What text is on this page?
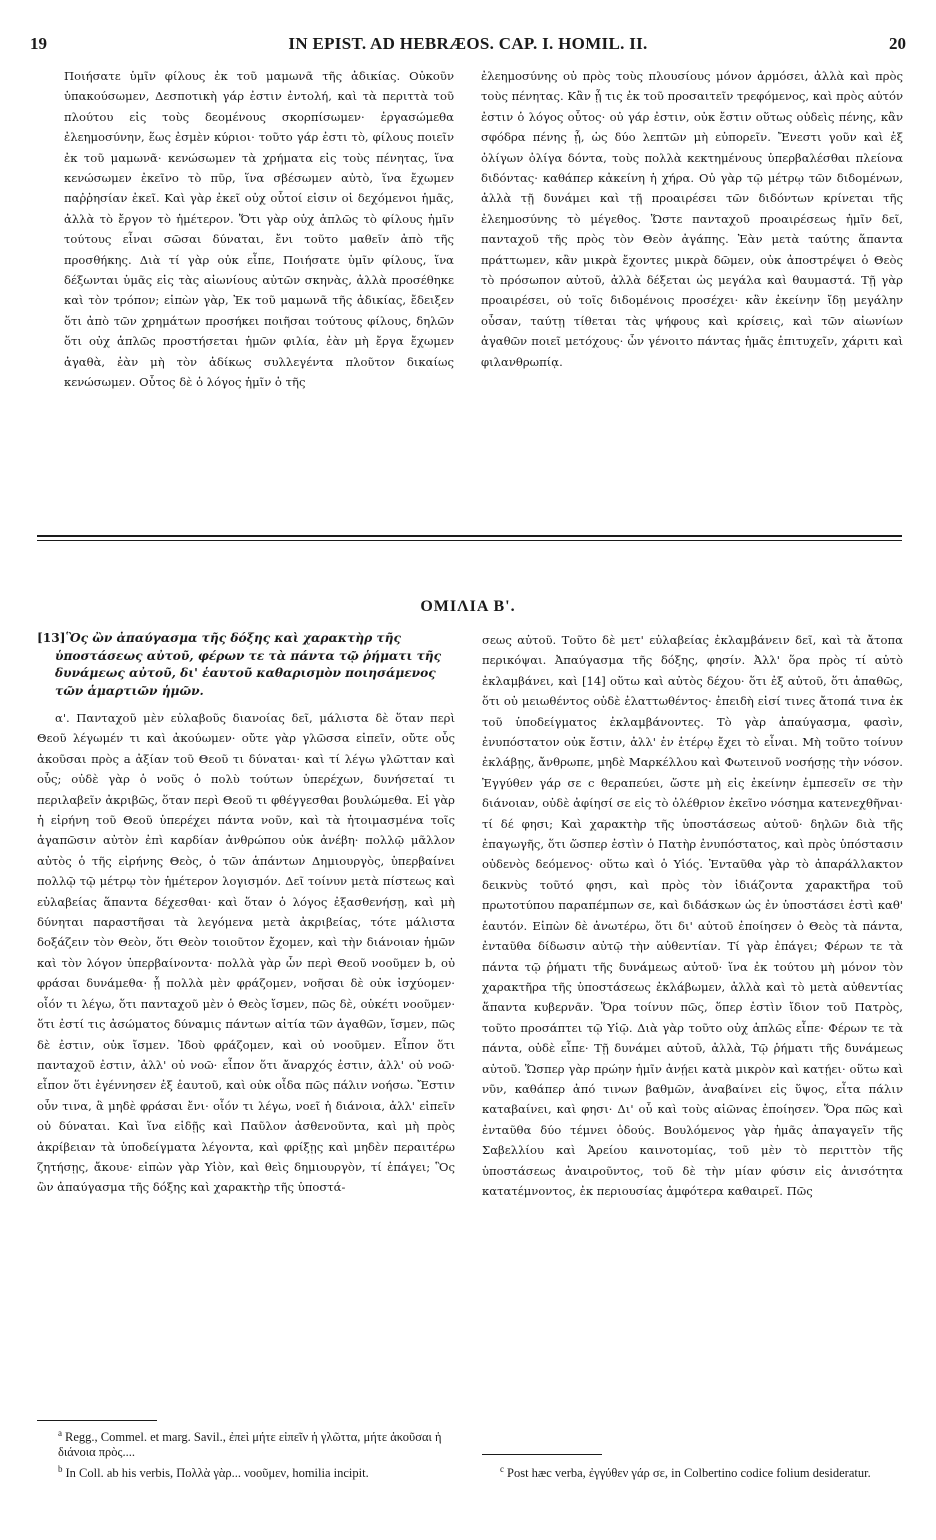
19	IN EPIST. AD HEBRÆOS. CAP. I. HOMIL. II.	20

Ποιήσατε ὑμῖν φίλους ἐκ τοῦ μαμωνᾶ τῆς ἀδικίας. Οὐκοῦν ὑπακούσωμεν, Δεσποτικὴ γάρ ἐστιν ἐντολή, καὶ τὰ περιττὰ τοῦ πλούτου εἰς τοὺς δεομένους σκορπίσωμεν· ἐργασώμεθα ἐλεημοσύνην, ἕως ἐσμὲν κύριοι· τοῦτο γάρ ἐστι τὸ, φίλους ποιεῖν ἐκ τοῦ μαμωνᾶ· κενώσωμεν τὰ χρήματα εἰς τοὺς πένητας, ἵνα κενώσωμεν ἐκεῖνο τὸ πῦρ, ἵνα σβέσωμεν αὐτὸ, ἵνα ἔχωμεν παῤῥησίαν ἐκεῖ. Καὶ γὰρ ἐκεῖ οὐχ οὗτοί εἰσιν οἱ δεχόμενοι ἡμᾶς, ἀλλὰ τὸ ἔργον τὸ ἡμέτερον. Ὅτι γὰρ οὐχ ἁπλῶς τὸ φίλους ἡμῖν τούτους εἶναι σῶσαι δύναται, ἔνι τοῦτο μαθεῖν ἀπὸ τῆς προσθήκης. Διὰ τί γὰρ οὐκ εἶπε, Ποιήσατε ὑμῖν φίλους, ἵνα δέξωνται ὑμᾶς εἰς τὰς αἰωνίους αὐτῶν σκηνὰς, ἀλλὰ προσέθηκε καὶ τὸν τρόπον; εἰπὼν γὰρ, Ἐκ τοῦ μαμωνᾶ τῆς ἀδικίας, ἔδειξεν ὅτι ἀπὸ τῶν χρημάτων προσήκει ποιῆσαι τούτους φίλους, δηλῶν ὅτι οὐχ ἁπλῶς προστήσεται ἡμῶν φιλία, ἐὰν μὴ ἔργα ἔχωμεν ἀγαθὰ, ἐὰν μὴ τὸν ἀδίκως συλλεγέντα πλοῦτον δικαίως κενώσωμεν. Οὗτος δὲ ὁ λόγος ἡμῖν ὁ τῆς

ἐλεημοσύνης οὐ πρὸς τοὺς πλουσίους μόνον ἁρμόσει, ἀλλὰ καὶ πρὸς τοὺς πένητας. Κἂν ᾖ τις ἐκ τοῦ προσαιτεῖν τρεφόμενος, καὶ πρὸς αὐτόν ἐστιν ὁ λόγος οὗτος· οὐ γάρ ἐστιν, οὐκ ἔστιν οὕτως οὐδεὶς πένης, κἂν σφόδρα πένης ᾖ, ὡς δύο λεπτῶν μὴ εὐπορεῖν. Ἔνεστι γοῦν καὶ ἐξ ὀλίγων ὀλίγα δόντα, τοὺς πολλὰ κεκτημένους ὑπερβαλέσθαι πλείονα διδόντας· καθάπερ κἀκείνη ἡ χήρα. Οὐ γὰρ τῷ μέτρῳ τῶν διδομένων, ἀλλὰ τῇ δυνάμει καὶ τῇ προαιρέσει τῶν διδόντων κρίνεται τῆς ἐλεημοσύνης τὸ μέγεθος. Ὥστε πανταχοῦ προαιρέσεως ἡμῖν δεῖ, πανταχοῦ τῆς πρὸς τὸν Θεὸν ἀγάπης. Ἐὰν μετὰ ταύτης ἅπαντα πράττωμεν, κἂν μικρὰ ἔχοντες μικρὰ δῶμεν, οὐκ ἀποστρέψει ὁ Θεὸς τὸ πρόσωπον αὐτοῦ, ἀλλὰ δέξεται ὡς μεγάλα καὶ θαυμαστά. Τῇ γὰρ προαιρέσει, οὐ τοῖς διδομένοις προσέχει· κἂν ἐκείνην ἴδῃ μεγάλην οὖσαν, ταύτῃ τίθεται τὰς ψήφους καὶ κρίσεις, καὶ τῶν αἰωνίων ἀγαθῶν ποιεῖ μετόχους· ὧν γένοιτο πάντας ἡμᾶς ἐπιτυχεῖν, χάριτι καὶ φιλανθρωπίᾳ.

ΟΜΙΛΙΑ Β'.

[13]Ὃς ὢν ἀπαύγασμα τῆς δόξης καὶ χαρακτὴρ τῆς ὑποστάσεως αὐτοῦ, φέρων τε τὰ πάντα τῷ ῥήματι τῆς δυνάμεως αὐτοῦ, δι' ἑαυτοῦ καθαρισμὸν ποιησάμενος τῶν ἁμαρτιῶν ἡμῶν.

α'. Πανταχοῦ μὲν εὐλαβοῦς διανοίας δεῖ, μάλιστα δὲ ὅταν περὶ Θεοῦ λέγωμέν τι καὶ ἀκούωμεν· οὔτε γὰρ γλῶσσα εἰπεῖν, οὔτε οὖς ἀκοῦσαι πρὸς a ἀξίαν τοῦ Θεοῦ τι δύναται· καὶ τί λέγω γλῶτταν καὶ οὖς; οὐδὲ γὰρ ὁ νοῦς ὁ πολὺ τούτων ὑπερέχων, δυνήσεταί τι περιλαβεῖν ἀκριβῶς, ὅταν περὶ Θεοῦ τι φθέγγεσθαι βουλώμεθα. Εἰ γὰρ ἡ εἰρήνη τοῦ Θεοῦ ὑπερέχει πάντα νοῦν, καὶ τὰ ἡτοιμασμένα τοῖς ἀγαπῶσιν αὐτὸν ἐπὶ καρδίαν ἀνθρώπου οὐκ ἀνέβη· πολλῷ μᾶλλον αὐτὸς ὁ τῆς εἰρήνης Θεὸς, ὁ τῶν ἁπάντων Δημιουργὸς, ὑπερβαίνει πολλῷ τῷ μέτρῳ τὸν ἡμέτερον λογισμόν. Δεῖ τοίνυν μετὰ πίστεως καὶ εὐλαβείας ἅπαντα δέχεσθαι· καὶ ὅταν ὁ λόγος ἐξασθενήσῃ, καὶ μὴ δύνηται παραστῆσαι τὰ λεγόμενα μετὰ ἀκριβείας, τότε μάλιστα δοξάζειν τὸν Θεὸν, ὅτι Θεὸν τοιοῦτον ἔχομεν, καὶ τὴν διάνοιαν ἡμῶν καὶ τὸν λόγον ὑπερβαίνοντα· πολλὰ γὰρ ὧν περὶ Θεοῦ νοοῦμεν b, οὐ φράσαι δυνάμεθα· ᾗ πολλὰ μὲν φράζομεν, νοῆσαι δὲ οὐκ ἰσχύομεν· οἷόν τι λέγω, ὅτι πανταχοῦ μὲν ὁ Θεὸς ἴσμεν, πῶς δὲ, οὐκέτι νοοῦμεν· ὅτι ἐστί τις ἀσώματος δύναμις πάντων αἰτία τῶν ἀγαθῶν, ἴσμεν, πῶς δὲ ἐστιν, οὐκ ἴσμεν. Ἰδοὺ φράζομεν, καὶ οὐ νοοῦμεν. Εἶπον ὅτι πανταχοῦ ἐστιν, ἀλλ' οὐ νοῶ· εἶπον ὅτι ἄναρχός ἐστιν, ἀλλ' οὐ νοῶ· εἶπον ὅτι ἐγέννησεν ἐξ ἑαυτοῦ, καὶ οὐκ οἶδα πῶς πάλιν νοήσω. Ἔστιν οὖν τινα, ἃ μηδὲ φράσαι ἔνι· οἷόν τι λέγω, νοεῖ ἡ διάνοια, ἀλλ' εἰπεῖν οὐ δύναται. Καὶ ἵνα εἰδῇς καὶ Παῦλον ἀσθενοῦντα, καὶ μὴ πρὸς ἀκρίβειαν τὰ ὑποδείγματα λέγοντα, καὶ φρίξῃς καὶ μηδὲν περαιτέρω ζητήσῃς, ἄκουε· εἰπὼν γὰρ Υἱὸν, καὶ θεὶς δημιουργὸν, τί ἐπάγει; Ὃς ὢν ἀπαύγασμα τῆς δόξης καὶ χαρακτὴρ τῆς ὑποστά-

σεως αὐτοῦ. Τοῦτο δὲ μετ' εὐλαβείας ἐκλαμβάνειν δεῖ, καὶ τὰ ἄτοπα περικόψαι. Ἀπαύγασμα τῆς δόξης, φησίν. Ἀλλ' ὅρα πρὸς τί αὐτὸ ἐκλαμβάνει, καὶ [14] οὕτω καὶ αὐτὸς δέχου· ὅτι ἐξ αὐτοῦ, ὅτι ἀπαθῶς, ὅτι οὐ μειωθέντος οὐδὲ ἐλαττωθέντος· ἐπειδὴ εἰσί τινες ἄτοπά τινα ἐκ τοῦ ὑποδείγματος ἐκλαμβάνοντες. Τὸ γὰρ ἀπαύγασμα, φασὶν, ἐνυπόστατον οὐκ ἔστιν, ἀλλ' ἐν ἑτέρῳ ἔχει τὸ εἶναι. Μὴ τοῦτο τοίνυν ἐκλάβῃς, ἄνθρωπε, μηδὲ Μαρκέλλου καὶ Φωτεινοῦ νοσήσῃς τὴν νόσον. Ἐγγύθεν γάρ σε c θεραπεύει, ὥστε μὴ εἰς ἐκείνην ἐμπεσεῖν σε τὴν διάνοιαν, οὐδὲ ἀφίησί σε εἰς τὸ ὀλέθριον ἐκεῖνο νόσημα κατενεχθῆναι· τί δέ φησι; Καὶ χαρακτὴρ τῆς ὑποστάσεως αὐτοῦ· δηλῶν διὰ τῆς ἐπαγωγῆς, ὅτι ὥσπερ ἐστὶν ὁ Πατὴρ ἐνυπόστατος, καὶ πρὸς ὑπόστασιν οὐδενὸς δεόμενος· οὕτω καὶ ὁ Υἱός. Ἐνταῦθα γὰρ τὸ ἀπαράλλακτον δεικνὺς τοῦτό φησι, καὶ πρὸς τὸν ἰδιάζοντα χαρακτῆρα τοῦ πρωτοτύπου παραπέμπων σε, καὶ διδάσκων ὡς ἐν ὑποστάσει ἐστὶ καθ' ἑαυτόν. Εἰπὼν δὲ ἀνωτέρω, ὅτι δι' αὐτοῦ ἐποίησεν ὁ Θεὸς τὰ πάντα, ἐνταῦθα δίδωσιν αὐτῷ τὴν αὐθεντίαν. Τί γὰρ ἐπάγει; Φέρων τε τὰ πάντα τῷ ῥήματι τῆς δυνάμεως αὐτοῦ· ἵνα ἐκ τούτου μὴ μόνον τὸν χαρακτῆρα τῆς ὑποστάσεως ἐκλάβωμεν, ἀλλὰ καὶ τὸ μετὰ αὐθεντίας ἅπαντα κυβερνᾶν. Ὅρα τοίνυν πῶς, ὅπερ ἐστὶν ἴδιον τοῦ Πατρὸς, τοῦτο προσάπτει τῷ Υἱῷ. Διὰ γὰρ τοῦτο οὐχ ἁπλῶς εἶπε· Φέρων τε τὰ πάντα, οὐδὲ εἶπε· Τῇ δυνάμει αὐτοῦ, ἀλλὰ, Τῷ ῥήματι τῆς δυνάμεως αὐτοῦ. Ὥσπερ γὰρ πρώην ἡμῖν ἀνῄει κατὰ μικρὸν καὶ κατῄει· οὕτω καὶ νῦν, καθάπερ ἀπό τινων βαθμῶν, ἀναβαίνει εἰς ὕψος, εἶτα πάλιν καταβαίνει, καὶ φησι· Δι' οὗ καὶ τοὺς αἰῶνας ἐποίησεν. Ὅρα πῶς καὶ ἐνταῦθα δύο τέμνει ὁδούς. Βουλόμενος γὰρ ἡμᾶς ἀπαγαγεῖν τῆς Σαβελλίου καὶ Ἀρείου καινοτομίας, τοῦ μὲν τὸ περιττὸν τῆς ὑποστάσεως ἀναιροῦντος, τοῦ δὲ τὴν μίαν φύσιν εἰς ἀνισότητα κατατέμνοντος, ἐκ περιουσίας ἀμφότερα καθαιρεῖ. Πῶς

$^a$ Regg., Commel. et marg. Savil., ἐπεὶ μήτε εἰπεῖν ἡ γλῶττα, μήτε ἀκοῦσαι ἡ διάνοια πρὸς....

$^b$ In Coll. ab his verbis, Πολλὰ γὰρ... νοοῦμεν, homilia incipit.	$^c$ Post hæc verba, ἐγγύθεν γάρ σε, in Colbertino codice folium desideratur.
